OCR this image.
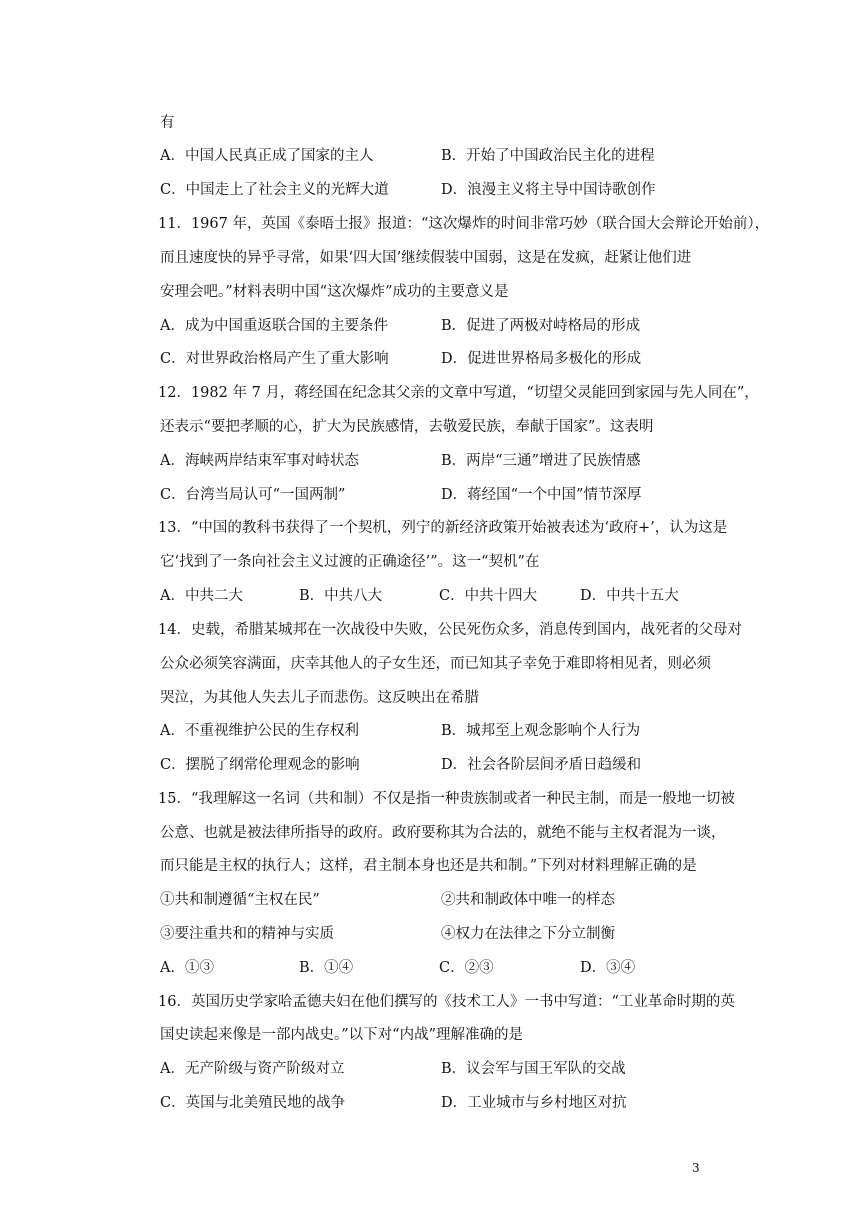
有
A．中国人民真正成了国家的主人	B．开始了中国政治民主化的进程
C．中国走上了社会主义的光辉大道	D．浪漫主义将主导中国诗歌创作
11．1967 年，英国《泰晤士报》报道：“这次爆炸的时间非常巧妙（联合国大会辩论开始前），
而且速度快的异乎寻常，如果‘四大国’继续假装中国弱，这是在发疯，赶紧让他们进
安理会吧。”材料表明中国“这次爆炸”成功的主要意义是
A．成为中国重返联合国的主要条件	B．促进了两极对峙格局的形成
C．对世界政治格局产生了重大影响	D．促进世界格局多极化的形成
12．1982 年 7 月，蒋经国在纪念其父亲的文章中写道，“切望父灵能回到家园与先人同在”，
还表示“要把孝顺的心，扩大为民族感情，去敬爱民族，奉献于国家”。这表明
A．海峡两岸结束军事对峙状态	B．两岸“三通”增进了民族情感
C．台湾当局认可“一国两制”	D．蒋经国“一个中国”情节深厚
13．“中国的教科书获得了一个契机，列宁的新经济政策开始被表述为‘政府+’，认为这是
它‘找到了一条向社会主义过渡的正确途径’”。这一“契机”在
A．中共二大	B．中共八大	C．中共十四大	D．中共十五大
14．史载，希腊某城邦在一次战役中失败，公民死伤众多，消息传到国内，战死者的父母对
公众必须笑容满面，庆幸其他人的子女生还，而已知其子幸免于难即将相见者，则必须
哭泣，为其他人失去儿子而悲伤。这反映出在希腊
A．不重视维护公民的生存权利	B．城邦至上观念影响个人行为
C．摆脱了纲常伦理观念的影响	D．社会各阶层间矛盾日趋缓和
15．“我理解这一名词（共和制）不仅是指一种贵族制或者一种民主制，而是一般地一切被
公意、也就是被法律所指导的政府。政府要称其为合法的，就绝不能与主权者混为一谈，
而只能是主权的执行人；这样，君主制本身也还是共和制。”下列对材料理解正确的是
①共和制遵循“主权在民”	②共和制政体中唯一的样态
③要注重共和的精神与实质	④权力在法律之下分立制衡
A．①③	B．①④	C．②③	D．③④
16．英国历史学家哈孟德夫妇在他们撰写的《技术工人》一书中写道：“工业革命时期的英
国史读起来像是一部内战史。”以下对“内战”理解准确的是
A．无产阶级与资产阶级对立	B．议会军与国王军队的交战
C．英国与北美殖民地的战争	D．工业城市与乡村地区对抗
3
